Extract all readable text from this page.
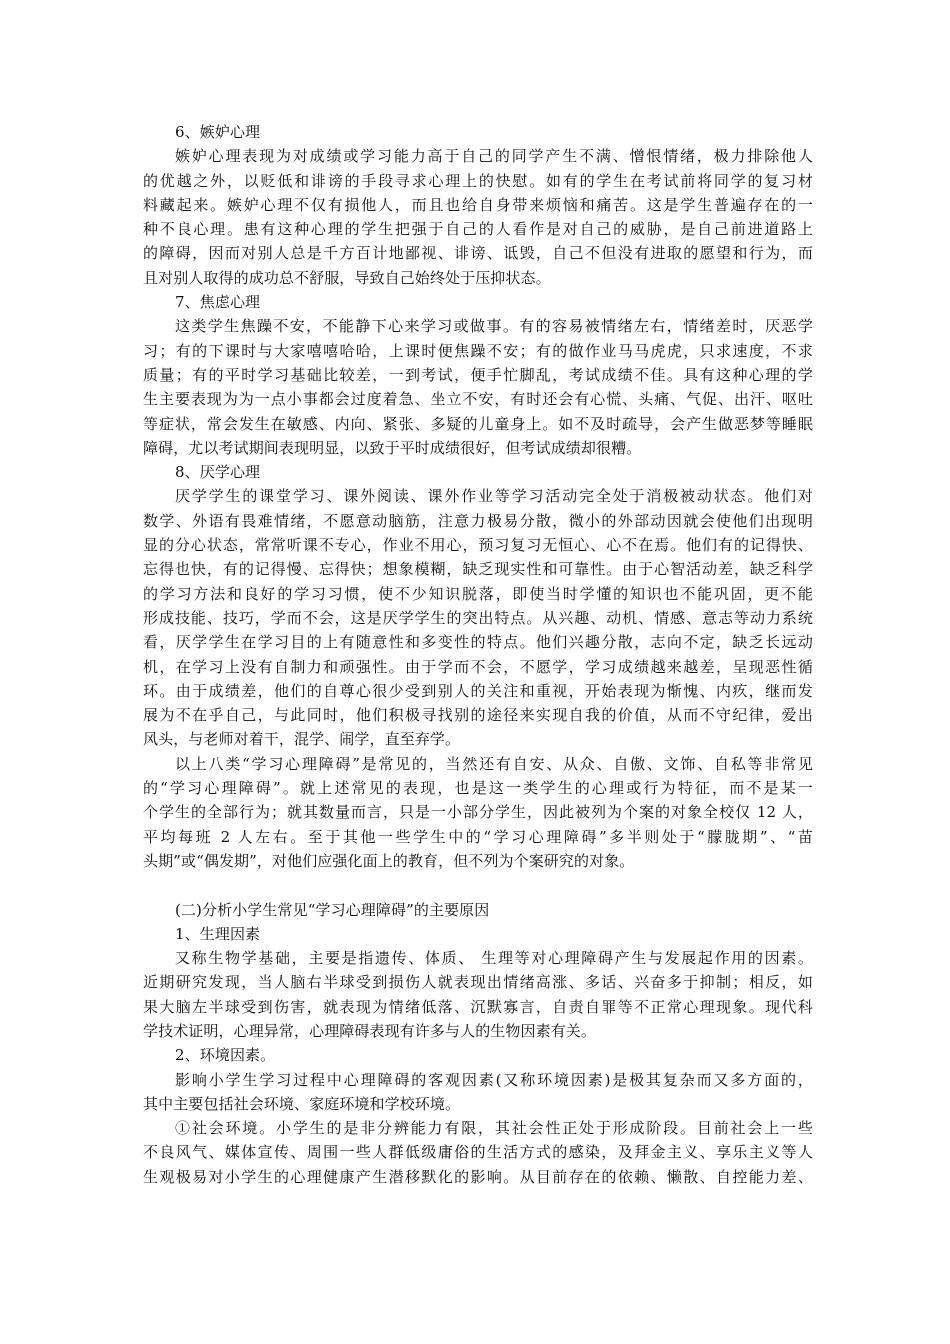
6、嫉妒心理
嫉妒心理表现为对成绩或学习能力高于自己的同学产生不满、憎恨情绪，极力排除他人
的优越之外，以贬低和诽谤的手段寻求心理上的快慰。如有的学生在考试前将同学的复习材
料藏起来。嫉妒心理不仅有损他人，而且也给自身带来烦恼和痛苦。这是学生普遍存在的一
种不良心理。患有这种心理的学生把强于自己的人看作是对自己的威胁，是自己前进道路上
的障碍，因而对别人总是千方百计地鄙视、诽谤、诋毁，自己不但没有进取的愿望和行为，而
且对别人取得的成功总不舒服，导致自己始终处于压抑状态。
7、焦虑心理
这类学生焦躁不安，不能静下心来学习或做事。有的容易被情绪左右，情绪差时，厌恶学
习；有的下课时与大家嘻嘻哈哈，上课时便焦躁不安；有的做作业马马虎虎，只求速度，不求
质量；有的平时学习基础比较差，一到考试，便手忙脚乱，考试成绩不佳。具有这种心理的学
生主要表现为为一点小事都会过度着急、坐立不安，有时还会有心慌、头痛、气促、出汗、呕吐
等症状，常会发生在敏感、内向、紧张、多疑的儿童身上。如不及时疏导，会产生做恶梦等睡眠
障碍，尤以考试期间表现明显，以致于平时成绩很好，但考试成绩却很糟。
8、厌学心理
厌学学生的课堂学习、课外阅读、课外作业等学习活动完全处于消极被动状态。他们对
数学、外语有畏难情绪，不愿意动脑筋，注意力极易分散，微小的外部动因就会使他们出现明
显的分心状态，常常听课不专心，作业不用心，预习复习无恒心、心不在焉。他们有的记得快、
忘得也快，有的记得慢、忘得快；想象模糊，缺乏现实性和可靠性。由于心智活动差，缺乏科学
的学习方法和良好的学习习惯，使不少知识脱落，即使当时学懂的知识也不能巩固，更不能
形成技能、技巧，学而不会，这是厌学学生的突出特点。从兴趣、动机、情感、意志等动力系统
看，厌学学生在学习目的上有随意性和多变性的特点。他们兴趣分散，志向不定，缺乏长远动
机，在学习上没有自制力和顽强性。由于学而不会，不愿学，学习成绩越来越差，呈现恶性循
环。由于成绩差，他们的自尊心很少受到别人的关注和重视，开始表现为惭愧、内疚，继而发
展为不在乎自己，与此同时，他们积极寻找别的途径来实现自我的价值，从而不守纪律，爱出
风头，与老师对着干，混学、闹学，直至弃学。
以上八类“学习心理障碍”是常见的，当然还有自安、从众、自傲、文饰、自私等非常见
的“学习心理障碍”。就上述常见的表现，也是这一类学生的心理或行为特征，而不是某一
个学生的全部行为；就其数量而言，只是一小部分学生，因此被列为个案的对象全校仅 12 人，
平均每班 2 人左右。至于其他一些学生中的“学习心理障碍”多半则处于“朦胧期”、“苗
头期”或“偶发期”，对他们应强化面上的教育，但不列为个案研究的对象。
(二)分析小学生常见“学习心理障碍”的主要原因
1、生理因素
又称生物学基础，主要是指遗传、体质、 生理等对心理障碍产生与发展起作用的因素。
近期研究发现，当人脑右半球受到损伤人就表现出情绪高涨、多话、兴奋多于抑制；相反，如
果大脑左半球受到伤害，就表现为情绪低落、沉默寡言，自责自罪等不正常心理现象。现代科
学技术证明，心理异常，心理障碍表现有许多与人的生物因素有关。
2、环境因素。
影响小学生学习过程中心理障碍的客观因素(又称环境因素)是极其复杂而又多方面的，
其中主要包括社会环境、家庭环境和学校环境。
①社会环境。小学生的是非分辨能力有限，其社会性正处于形成阶段。目前社会上一些
不良风气、媒体宣传、周围一些人群低级庸俗的生活方式的感染，及拜金主义、享乐主义等人
生观极易对小学生的心理健康产生潜移默化的影响。从目前存在的依赖、懒散、自控能力差、
